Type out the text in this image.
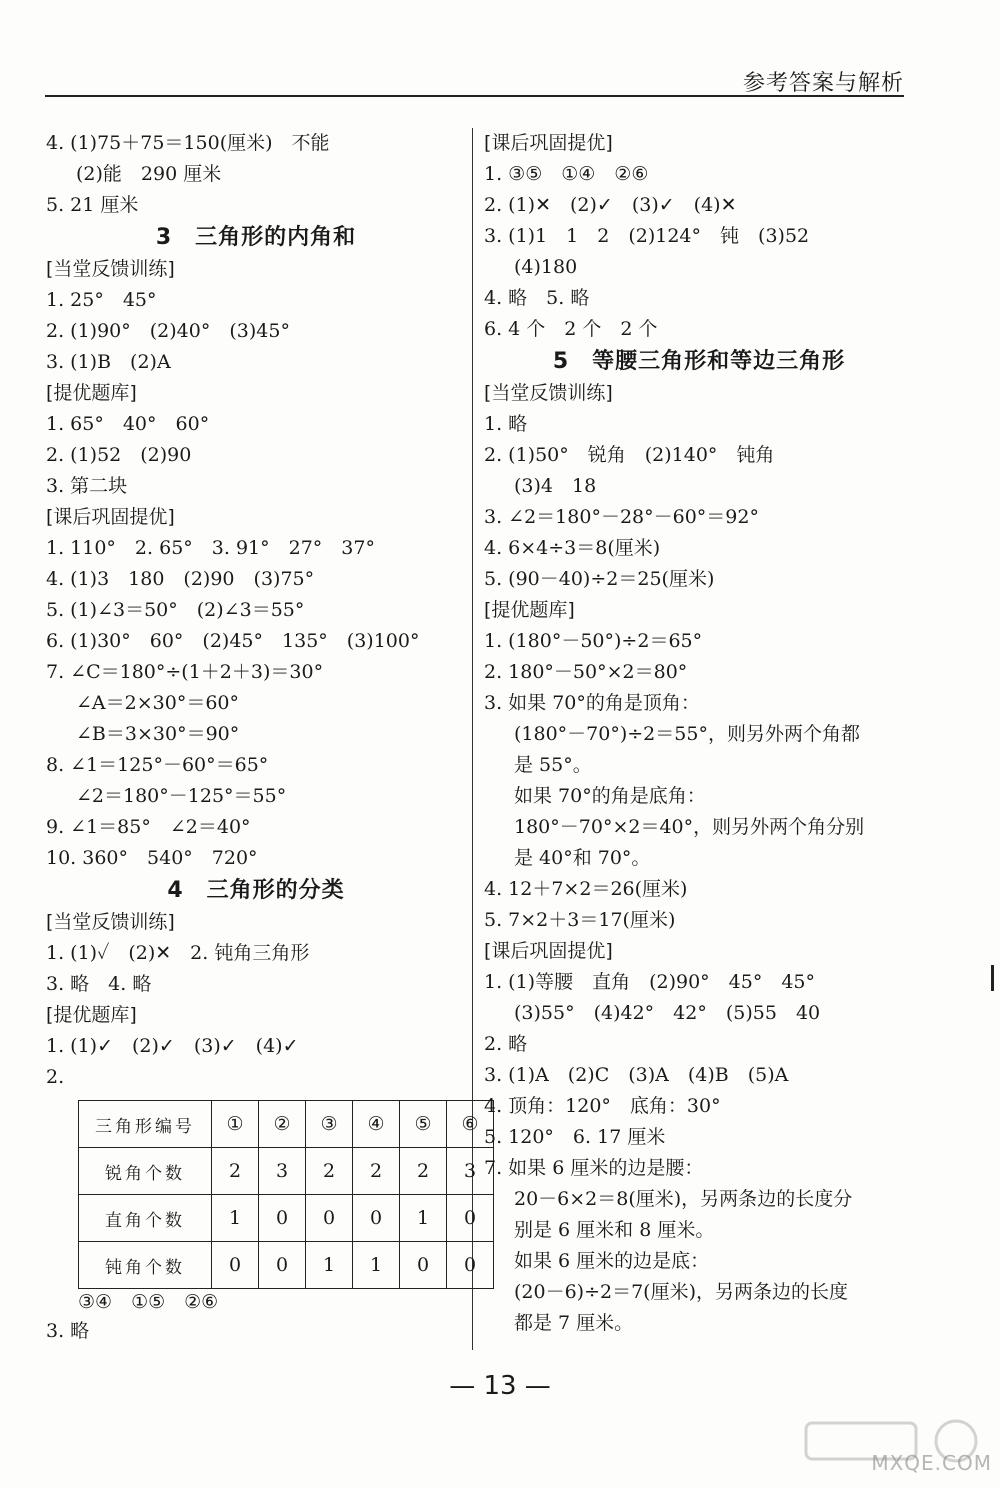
参考答案与解析
4. (1)75＋75＝150(厘米)　不能
(2)能　290 厘米
5. 21 厘米
3　三角形的内角和
[当堂反馈训练]
1. 25°　45°
2. (1)90°　(2)40°　(3)45°
3. (1)B　(2)A
[提优题库]
1. 65°　40°　60°
2. (1)52　(2)90
3. 第二块
[课后巩固提优]
1. 110°　2. 65°　3. 91°　27°　37°
4. (1)3　180　(2)90　(3)75°
5. (1)∠3＝50°　(2)∠3＝55°
6. (1)30°　60°　(2)45°　135°　(3)100°
7. ∠C＝180°÷(1＋2＋3)＝30°
∠A＝2×30°＝60°
∠B＝3×30°＝90°
8. ∠1＝125°－60°＝65°
∠2＝180°－125°＝55°
9. ∠1＝85°　∠2＝40°
10. 360°　540°　720°
4　三角形的分类
[当堂反馈训练]
1. (1)✓　(2)✕　2. 钝角三角形
3. 略　4. 略
[提优题库]
1. (1)✓　(2)✓　(3)✓　(4)✓
2.
三角形编号	①	②	③	④	⑤	⑥
锐角个数	2	3	2	2	2	3
直角个数	1	0	0	0	1	0
钝角个数	0	0	1	1	0	0
③④　①⑤　②⑥
3. 略
[课后巩固提优]
1. ③⑤　①④　②⑥
2. (1)✕　(2)✓　(3)✓　(4)✕
3. (1)1　1　2　(2)124°　钝　(3)52
(4)180
4. 略　5. 略
6. 4 个　2 个　2 个
5　等腰三角形和等边三角形
[当堂反馈训练]
1. 略
2. (1)50°　锐角　(2)140°　钝角
(3)4　18
3. ∠2＝180°－28°－60°＝92°
4. 6×4÷3＝8(厘米)
5. (90－40)÷2＝25(厘米)
[提优题库]
1. (180°－50°)÷2＝65°
2. 180°－50°×2＝80°
3. 如果 70°的角是顶角：
(180°－70°)÷2＝55°，则另外两个角都
是 55°。
如果 70°的角是底角：
180°－70°×2＝40°，则另外两个角分别
是 40°和 70°。
4. 12＋7×2＝26(厘米)
5. 7×2＋3＝17(厘米)
[课后巩固提优]
1. (1)等腰　直角　(2)90°　45°　45°
(3)55°　(4)42°　42°　(5)55　40
2. 略
3. (1)A　(2)C　(3)A　(4)B　(5)A
4. 顶角：120°　底角：30°
5. 120°　6. 17 厘米
7. 如果 6 厘米的边是腰：
20－6×2＝8(厘米)，另两条边的长度分
别是 6 厘米和 8 厘米。
如果 6 厘米的边是底：
(20－6)÷2＝7(厘米)，另两条边的长度
都是 7 厘米。
— 13 —
MXQE.COM
